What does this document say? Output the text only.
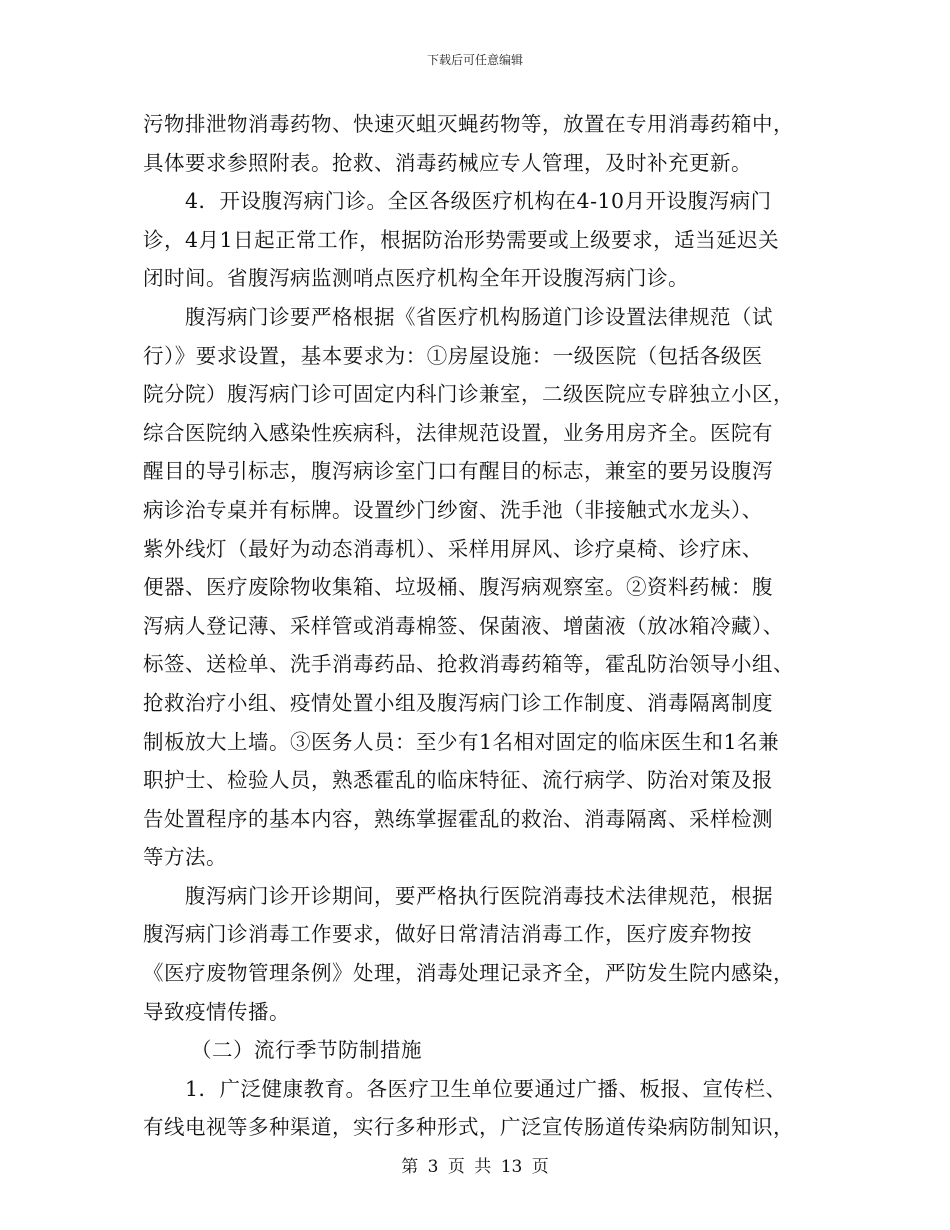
下载后可任意编辑
污物排泄物消毒药物、快速灭蛆灭蝇药物等，放置在专用消毒药箱中，
具体要求参照附表。抢救、消毒药械应专人管理，及时补充更新。
4．开设腹泻病门诊。全区各级医疗机构在4-10月开设腹泻病门
诊，4月1日起正常工作，根据防治形势需要或上级要求，适当延迟关
闭时间。省腹泻病监测哨点医疗机构全年开设腹泻病门诊。
腹泻病门诊要严格根据《省医疗机构肠道门诊设置法律规范（试
行）》要求设置，基本要求为：①房屋设施：一级医院（包括各级医
院分院）腹泻病门诊可固定内科门诊兼室，二级医院应专辟独立小区，
综合医院纳入感染性疾病科，法律规范设置，业务用房齐全。医院有
醒目的导引标志，腹泻病诊室门口有醒目的标志，兼室的要另设腹泻
病诊治专桌并有标牌。设置纱门纱窗、洗手池（非接触式水龙头）、
紫外线灯（最好为动态消毒机）、采样用屏风、诊疗桌椅、诊疗床、
便器、医疗废除物收集箱、垃圾桶、腹泻病观察室。②资料药械：腹
泻病人登记薄、采样管或消毒棉签、保菌液、增菌液（放冰箱冷藏）、
标签、送检单、洗手消毒药品、抢救消毒药箱等，霍乱防治领导小组、
抢救治疗小组、疫情处置小组及腹泻病门诊工作制度、消毒隔离制度
制板放大上墙。③医务人员：至少有1名相对固定的临床医生和1名兼
职护士、检验人员，熟悉霍乱的临床特征、流行病学、防治对策及报
告处置程序的基本内容，熟练掌握霍乱的救治、消毒隔离、采样检测
等方法。
腹泻病门诊开诊期间，要严格执行医院消毒技术法律规范，根据
腹泻病门诊消毒工作要求，做好日常清洁消毒工作，医疗废弃物按
《医疗废物管理条例》处理，消毒处理记录齐全，严防发生院内感染，
导致疫情传播。
（二）流行季节防制措施
1．广泛健康教育。各医疗卫生单位要通过广播、板报、宣传栏、
有线电视等多种渠道，实行多种形式，广泛宣传肠道传染病防制知识，
第 3 页 共 13 页
